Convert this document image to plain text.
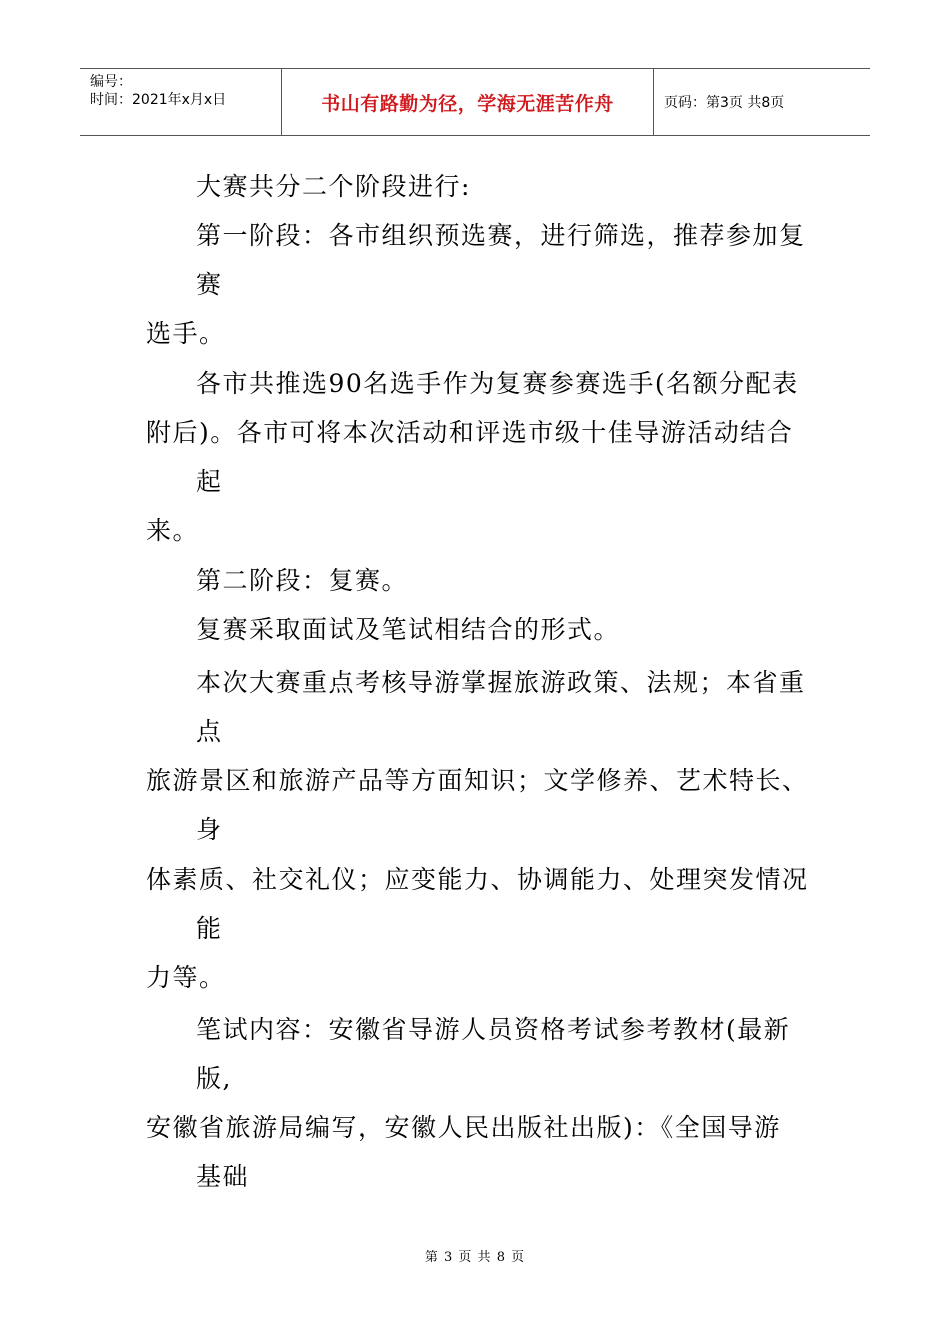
编号：
时间：2021年x月x日	书山有路勤为径，学海无涯苦作舟	页码：第3页 共8页
大赛共分二个阶段进行:
第一阶段：各市组织预选赛，进行筛选，推荐参加复
赛
选手。
各市共推选90名选手作为复赛参赛选手(名额分配表
附后)。各市可将本次活动和评选市级十佳导游活动结合
起
来。
第二阶段：复赛。
复赛采取面试及笔试相结合的形式。
本次大赛重点考核导游掌握旅游政策、法规；本省重
点
旅游景区和旅游产品等方面知识；文学修养、艺术特长、
身
体素质、社交礼仪；应变能力、协调能力、处理突发情况
能
力等。
笔试内容：安徽省导游人员资格考试参考教材(最新
版,
安徽省旅游局编写，安徽人民出版社出版)：《全国导游
基础
第 3 页 共 8 页
